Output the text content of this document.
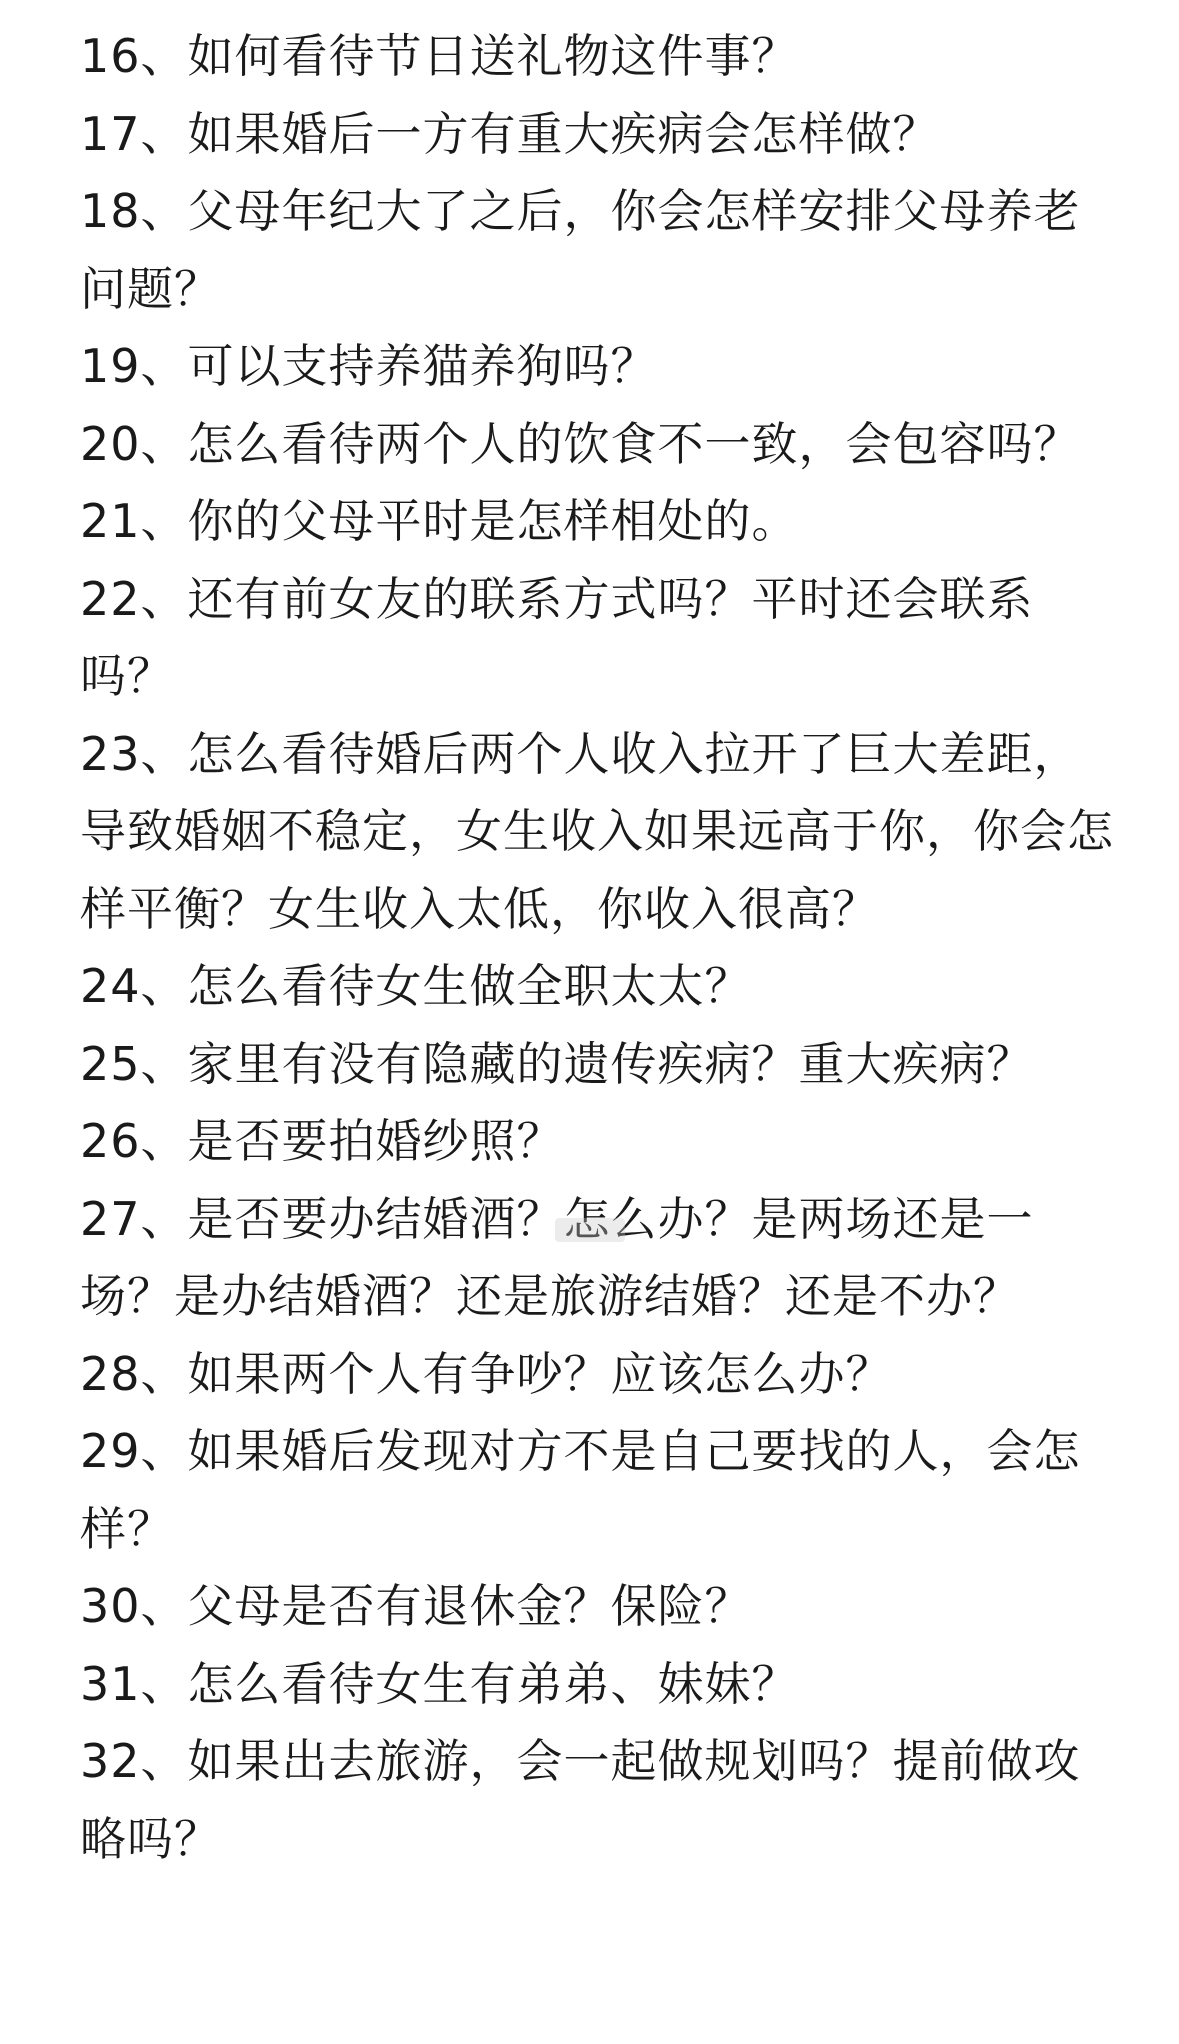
16、如何看待节日送礼物这件事？
17、如果婚后一方有重大疾病会怎样做？
18、父母年纪大了之后，你会怎样安排父母养老问题？
19、可以支持养猫养狗吗？
20、怎么看待两个人的饮食不一致，会包容吗？
21、你的父母平时是怎样相处的。
22、还有前女友的联系方式吗？平时还会联系吗？
23、怎么看待婚后两个人收入拉开了巨大差距，导致婚姻不稳定，女生收入如果远高于你，你会怎样平衡？女生收入太低，你收入很高？
24、怎么看待女生做全职太太？
25、家里有没有隐藏的遗传疾病？重大疾病？
26、是否要拍婚纱照？
27、是否要办结婚酒？怎么办？是两场还是一场？是办结婚酒？还是旅游结婚？还是不办？
28、如果两个人有争吵？应该怎么办？
29、如果婚后发现对方不是自己要找的人，会怎样？
30、父母是否有退休金？保险？
31、怎么看待女生有弟弟、妹妹？
32、如果出去旅游，会一起做规划吗？提前做攻略吗？
